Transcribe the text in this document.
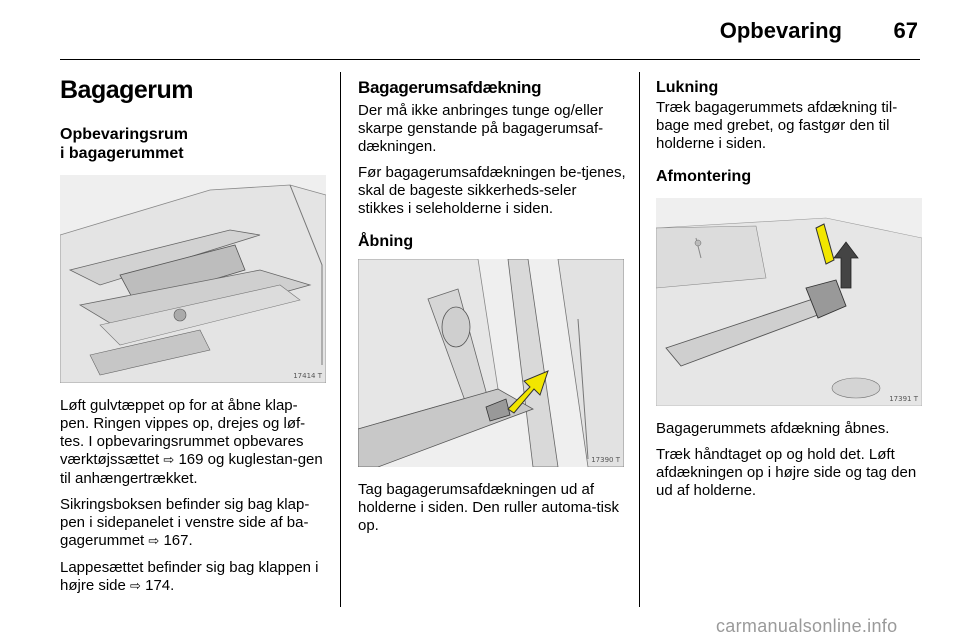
Opbevaring 67
Bagagerum
Opbevaringsrum
i bagagerummet
17414 T

Løft gulvtæppet op for at åbne klap-pen. Ringen vippes op, drejes og løf-tes. I opbevaringsrummet opbevares værktøjssættet ⇨ 169 og kuglestan-gen til anhængertrækket.

Sikringsboksen befinder sig bag klap-pen i sidepanelet i venstre side af ba-gagerummet ⇨ 167.

Lappesættet befinder sig bag klappen i højre side ⇨ 174.

Bagagerumsafdækning

Der må ikke anbringes tunge og/eller skarpe genstande på bagagerumsaf-dækningen.

Før bagagerumsafdækningen be-tjenes, skal de bageste sikkerheds-seler stikkes i seleholderne i siden.

Åbning
17390 T

Tag bagagerumsafdækningen ud af holderne i siden. Den ruller automa-tisk op.

Lukning

Træk bagagerummets afdækning til-bage med grebet, og fastgør den til holderne i siden.

Afmontering
17391 T

Bagagerummets afdækning åbnes.

Træk håndtaget op og hold det. Løft afdækningen op i højre side og tag den ud af holderne.

carmanualsonline.info
